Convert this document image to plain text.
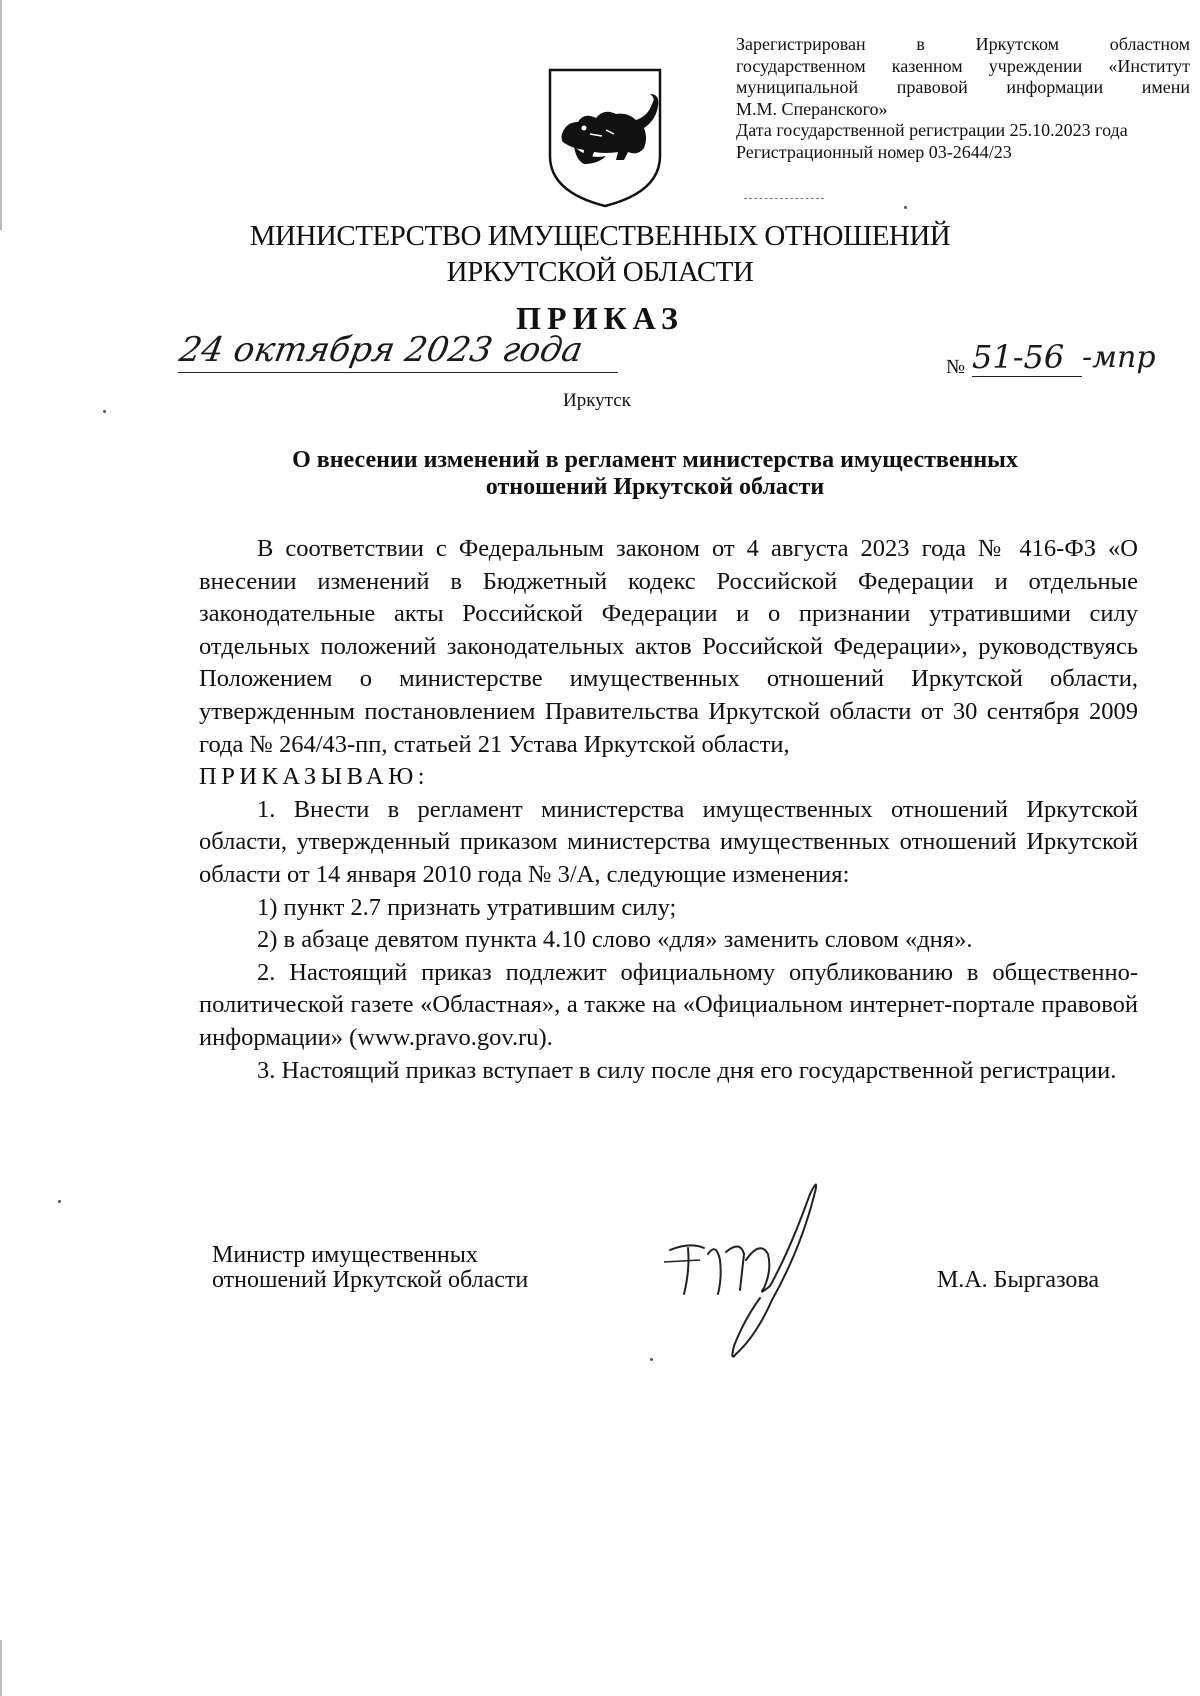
Зарегистрирован в Иркутском областном
государственном казенном учреждении «Институт
муниципальной правовой информации имени
М.М. Сперанского»
Дата государственной регистрации 25.10.2023 года
Регистрационный номер 03-2644/23
МИНИСТЕРСТВО ИМУЩЕСТВЕННЫХ ОТНОШЕНИЙ
ИРКУТСКОЙ ОБЛАСТИ
ПРИКАЗ
24 октября 2023 года	№ 51-56 -мпр
Иркутск
О внесении изменений в регламент министерства имущественных
отношений Иркутской области

В соответствии с Федеральным законом от 4 августа 2023 года № 416-ФЗ «О внесении изменений в Бюджетный кодекс Российской Федерации и отдельные законодательные акты Российской Федерации и о признании утратившими силу отдельных положений законодательных актов Российской Федерации», руководствуясь Положением о министерстве имущественных отношений Иркутской области, утвержденным постановлением Правительства Иркутской области от 30 сентября 2009 года № 264/43-пп, статьей 21 Устава Иркутской области,

ПРИКАЗЫВАЮ:

1. Внести в регламент министерства имущественных отношений Иркутской области, утвержденный приказом министерства имущественных отношений Иркутской области от 14 января 2010 года № 3/А, следующие изменения:

1) пункт 2.7 признать утратившим силу;

2) в абзаце девятом пункта 4.10 слово «для» заменить словом «дня».

2. Настоящий приказ подлежит официальному опубликованию в общественно-политической газете «Областная», а также на «Официальном интернет-портале правовой информации» (www.pravo.gov.ru).

3. Настоящий приказ вступает в силу после дня его государственной регистрации.

Министр имущественных
отношений Иркутской области	М.А. Быргазова
